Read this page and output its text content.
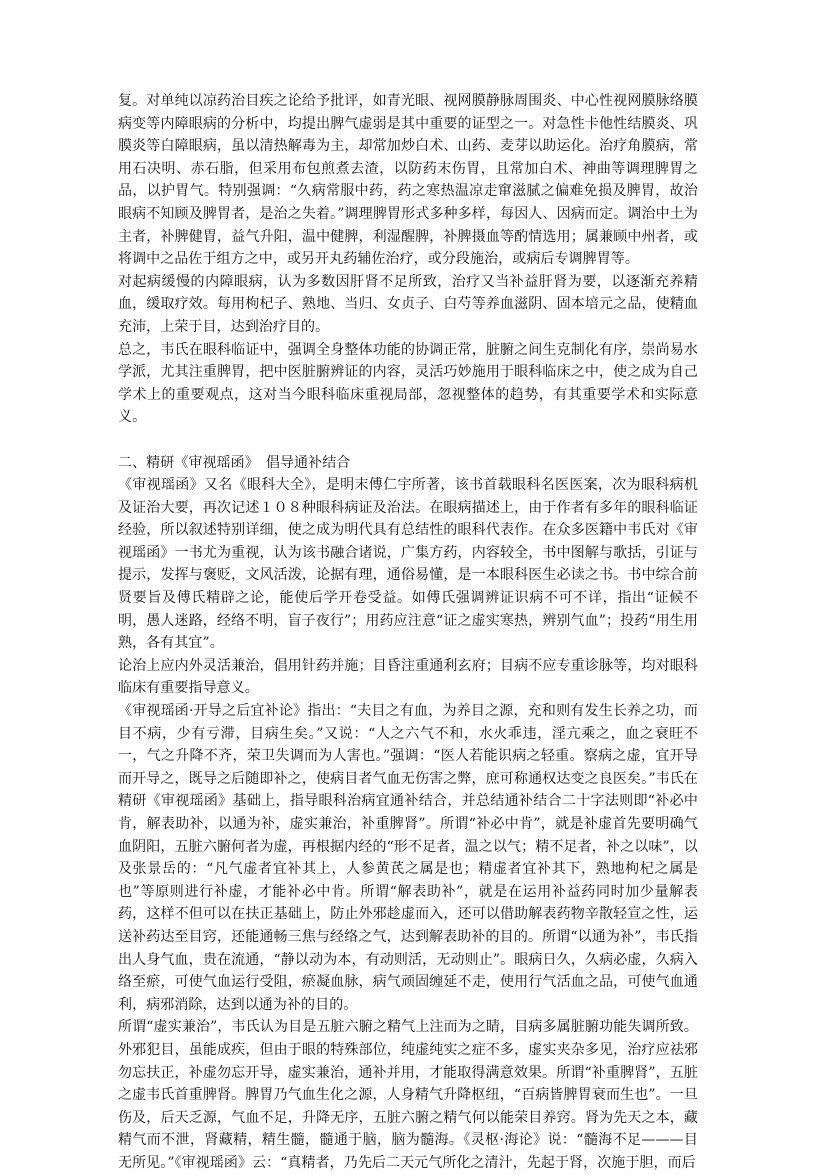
复。对单纯以凉药治目疾之论给予批评，如青光眼、视网膜静脉周围炎、中心性视网膜脉络膜病变等内障眼病的分析中，均提出脾气虚弱是其中重要的证型之一。对急性卡他性结膜炎、巩膜炎等白障眼病，虽以清热解毒为主，却常加炒白术、山药、麦芽以助运化。治疗角膜病，常用石决明、赤石脂，但采用布包煎煮去渣，以防药末伤胃，且常加白术、神曲等调理脾胃之品，以护胃气。特别强调：“久病常服中药，药之寒热温凉走窜滋腻之偏难免损及脾胃，故治眼病不知顾及脾胃者，是治之失着。”调理脾胃形式多种多样，每因人、因病而定。调治中土为主者，补脾健胃，益气升阳，温中健脾，利湿醒脾，补脾摄血等酌情选用；属兼顾中州者，或将调中之品佐于组方之中，或另开丸药辅佐治疗，或分段施治，或病后专调脾胃等。

对起病缓慢的内障眼病，认为多数因肝肾不足所致，治疗又当补益肝肾为要，以逐渐充养精血，缓取疗效。每用枸杞子、熟地、当归、女贞子、白芍等养血滋阴、固本培元之品，使精血充沛，上荣于目，达到治疗目的。

总之，韦氏在眼科临证中，强调全身整体功能的协调正常，脏腑之间生克制化有序，崇尚易水学派，尤其注重脾胃，把中医脏腑辨证的内容，灵活巧妙施用于眼科临床之中，使之成为自己学术上的重要观点，这对当今眼科临床重视局部，忽视整体的趋势，有其重要学术和实际意义。

二、精研《审视瑶函》　倡导通补结合

《审视瑶函》又名《眼科大全》，是明末傅仁宇所著，该书首载眼科名医医案，次为眼科病机及证治大要，再次记述１０８种眼科病证及治法。在眼病描述上，由于作者有多年的眼科临证经验，所以叙述特别详细，使之成为明代具有总结性的眼科代表作。在众多医籍中韦氏对《审视瑶函》一书尤为重视，认为该书融合诸说，广集方药，内容较全，书中图解与歌括，引证与提示，发挥与褒贬，文风活泼，论据有理，通俗易懂，是一本眼科医生必读之书。书中综合前贤要旨及傅氏精辟之论，能使后学开卷受益。如傅氏强调辨证识病不可不详，指出“证候不明，愚人迷路，经络不明，盲子夜行”；用药应注意“证之虚实寒热，辨别气血”；投药“用生用熟，各有其宜”。

论治上应内外灵活兼治，倡用针药并施；目昏注重通利玄府；目病不应专重诊脉等，均对眼科临床有重要指导意义。

《审视瑶函·开导之后宜补论》指出：“夫目之有血，为养目之源，充和则有发生长养之功，而目不病，少有亏滞，目病生矣。”又说：“人之六气不和，水火乖违，淫亢乘之，血之衰旺不一，气之升降不齐，荣卫失调而为人害也。”强调：“医人若能识病之轻重。察病之虚，宜开导而开导之，既导之后随即补之，使病目者气血无伤害之弊，庶可称通权达变之良医矣。”韦氏在精研《审视瑶函》基础上，指导眼科治病宜通补结合，并总结通补结合二十字法则即“补必中肯，解表助补，以通为补，虚实兼治，补重脾肾”。所谓“补必中肯”，就是补虚首先要明确气血阴阳，五脏六腑何者为虚，再根据内经的“形不足者，温之以气；精不足者，补之以味”，以及张景岳的：“凡气虚者宜补其上，人参黄芪之属是也；精虚者宜补其下，熟地枸杞之属是也”等原则进行补虚，才能补必中肯。所谓“解表助补”，就是在运用补益药同时加少量解表药，这样不但可以在扶正基础上，防止外邪趁虚而入，还可以借助解表药物辛散轻宣之性，运送补药达至目窍，还能通畅三焦与经络之气，达到解表助补的目的。所谓“以通为补”，韦氏指出人身气血，贵在流通，“静以动为本，有动则活，无动则止”。眼病日久，久病必虚，久病入络至瘀，可使气血运行受阻，瘀凝血脉，病气顽固缠延不走，使用行气活血之品，可使气血通利，病邪消除，达到以通为补的目的。

所谓“虚实兼治”，韦氏认为目是五脏六腑之精气上注而为之睛，目病多属脏腑功能失调所致。外邪犯目，虽能成疾，但由于眼的特殊部位，纯虚纯实之症不多，虚实夹杂多见，治疗应祛邪勿忘扶正，补虚勿忘开导，虚实兼治，通补并用，才能取得满意效果。所谓“补重脾肾”，五脏之虚韦氏首重脾肾。脾胃乃气血生化之源，人身精气升降枢纽，“百病皆脾胃衰而生也”。一旦伤及，后天乏源，气血不足，升降无序，五脏六腑之精气何以能荣目养窍。肾为先天之本，藏精气而不泄，肾藏精，精生髓，髓通于脑，脑为髓海。《灵枢·海论》说：“髓海不足———目无所见。”《审视瑶函》云：“真精者，乃先后二天元气所化之清汁，先起于肾，次施于胆，而后
